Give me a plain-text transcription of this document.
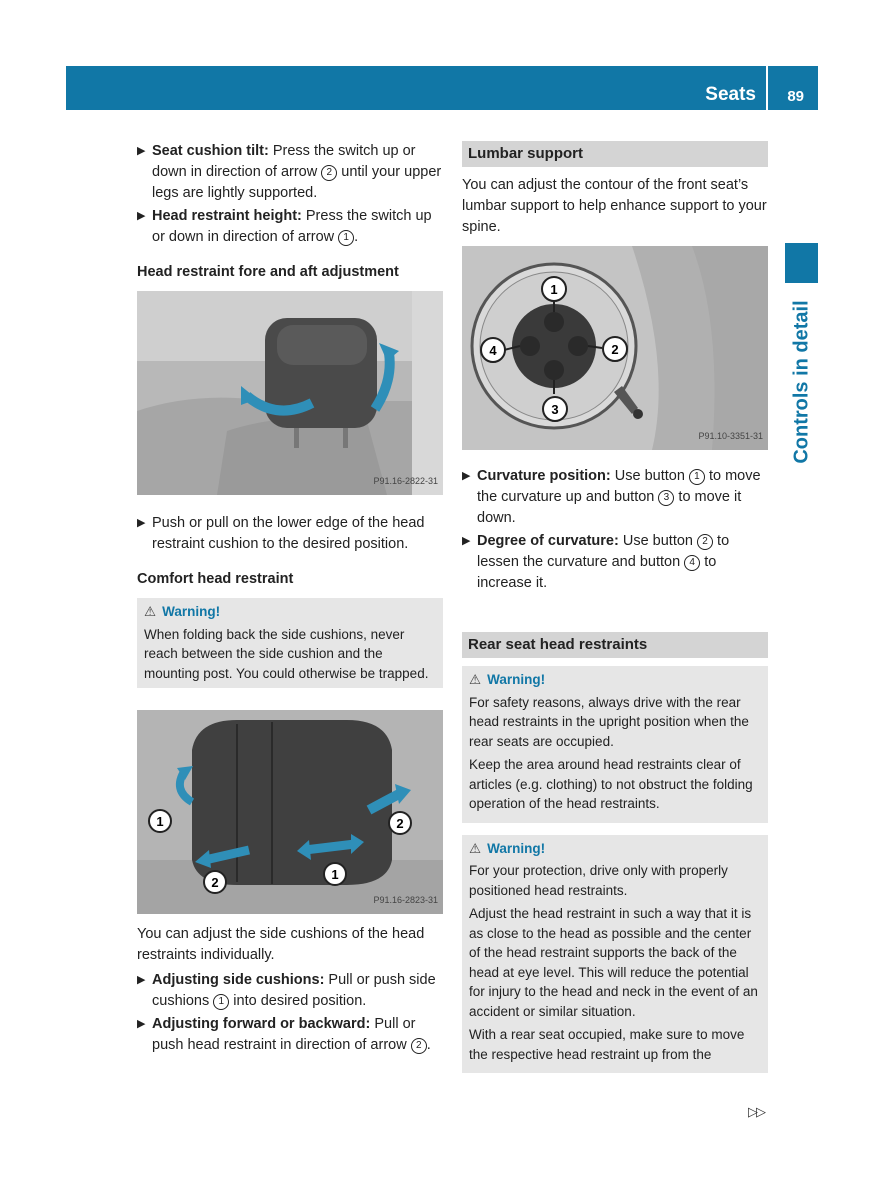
Seats 89
Controls in detail

▶ Seat cushion tilt: Press the switch up or down in direction of arrow 2 until your upper legs are lightly supported.

▶ Head restraint height: Press the switch up or down in direction of arrow 1 .

Head restraint fore and aft adjustment
P91.16-2822-31

▶ Push or pull on the lower edge of the head restraint cushion to the desired position.

Comfort head restraint
⚠ Warning!
When folding back the side cushions, never reach between the side cushion and the mounting post. You could otherwise be trapped.
1	2
2
1
P91.16-2823-31

You can adjust the side cushions of the head restraints individually.

▶ Adjusting side cushions: Pull or push side cushions 1 into desired position.

▶ Adjusting forward or backward: Pull or push head restraint in direction of arrow 2 .

Lumbar support

You can adjust the contour of the front seat’s lumbar support to help enhance support to your spine.

1
2
3
4
P91.10-3351-31

▶ Curvature position: Use button 1 to move the curvature up and button 3 to move it down.

▶ Degree of curvature: Use button 2 to lessen the curvature and button 4 to increase it.

Rear seat head restraints
⚠ Warning!

For safety reasons, always drive with the rear head restraints in the upright position when the rear seats are occupied.

Keep the area around head restraints clear of articles (e.g. clothing) to not obstruct the folding operation of the head restraints.

⚠ Warning!

For your protection, drive only with properly positioned head restraints.

Adjust the head restraint in such a way that it is as close to the head as possible and the center of the head restraint supports the back of the head at eye level. This will reduce the potential for injury to the head and neck in the event of an accident or similar situation.

With a rear seat occupied, make sure to move the respective head restraint up from the

▷▷
